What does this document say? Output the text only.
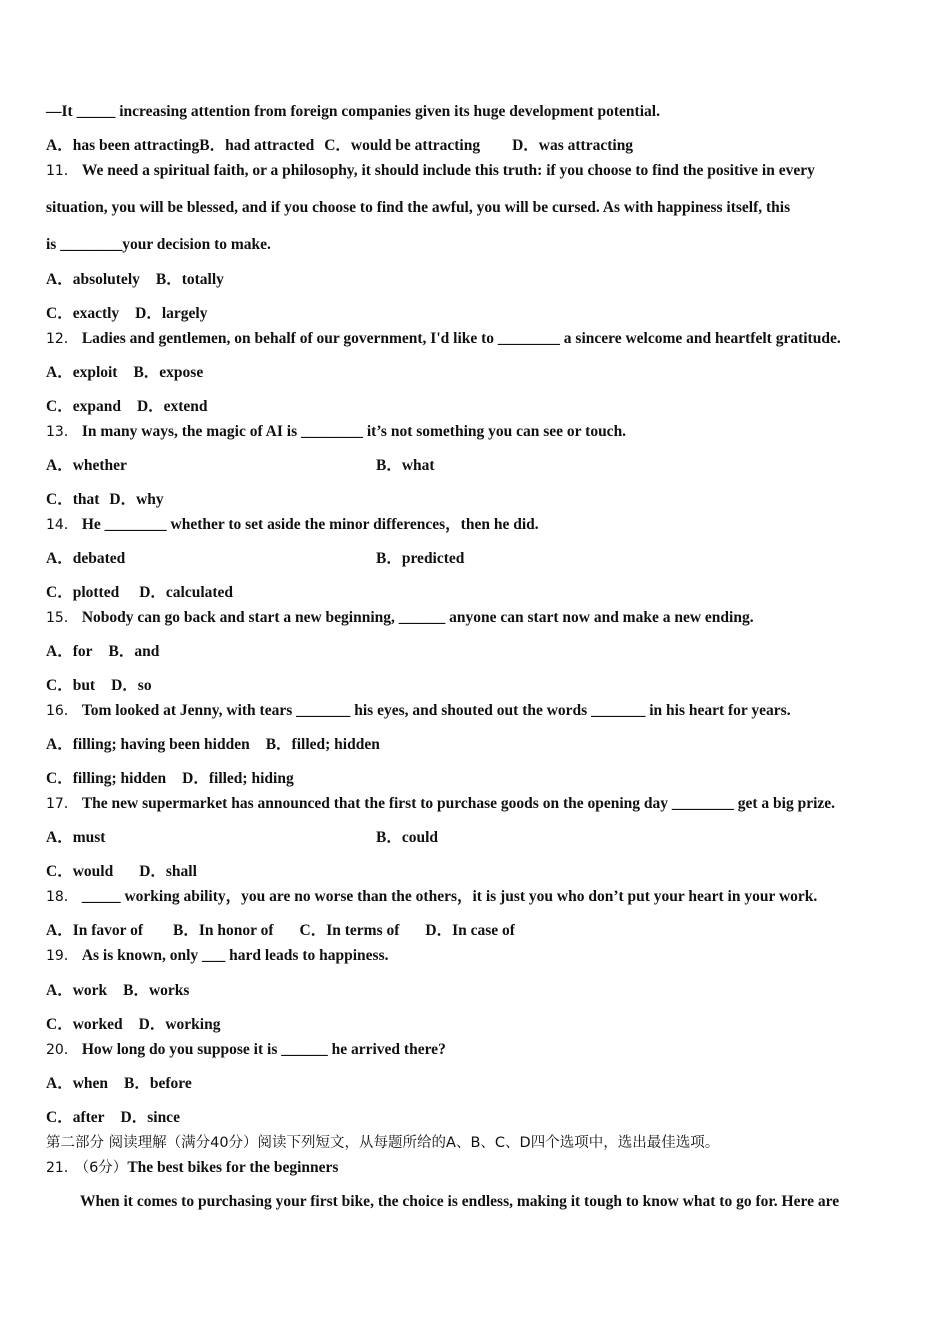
—It _____ increasing attention from foreign companies given its huge development potential.
A．has been attractingB．had attracted C．would be attracting D．was attracting
11． We need a spiritual faith, or a philosophy, it should include this truth: if you choose to find the positive in every
situation, you will be blessed, and if you choose to find the awful, you will be cursed. As with happiness itself, this
is ________your decision to make.
A．absolutely B．totally
C．exactly D．largely
12． Ladies and gentlemen, on behalf of our government, I'd like to ________ a sincere welcome and heartfelt gratitude.
A．exploit B．expose
C．expand D．extend
13． In many ways, the magic of AI is ________ it’s not something you can see or touch.
A．whether	B．what
C．that D．why
14． He ________ whether to set aside the minor differences，then he did.
A．debated	B．predicted
C．plotted D．calculated
15． Nobody can go back and start a new beginning, ______ anyone can start now and make a new ending.
A．for B．and
C．but D．so
16． Tom looked at Jenny, with tears _______ his eyes, and shouted out the words _______ in his heart for years.
A．filling; having been hidden B．filled; hidden
C．filling; hidden D．filled; hiding
17． The new supermarket has announced that the first to purchase goods on the opening day ________ get a big prize.
A．must	B．could
C．would D．shall
18． _____ working ability，you are no worse than the others，it is just you who don’t put your heart in your work.
A．In favor of B．In honor of C．In terms of D．In case of
19． As is known, only ___ hard leads to happiness.
A．work B．works
C．worked D．working
20． How long do you suppose it is ______ he arrived there?
A．when B．before
C．after D．since
第二部分 阅读理解（满分40分）阅读下列短文，从每题所给的A、B、C、D四个选项中，选出最佳选项。
21． （6分）The best bikes for the beginners
When it comes to purchasing your first bike, the choice is endless, making it tough to know what to go for. Here are
